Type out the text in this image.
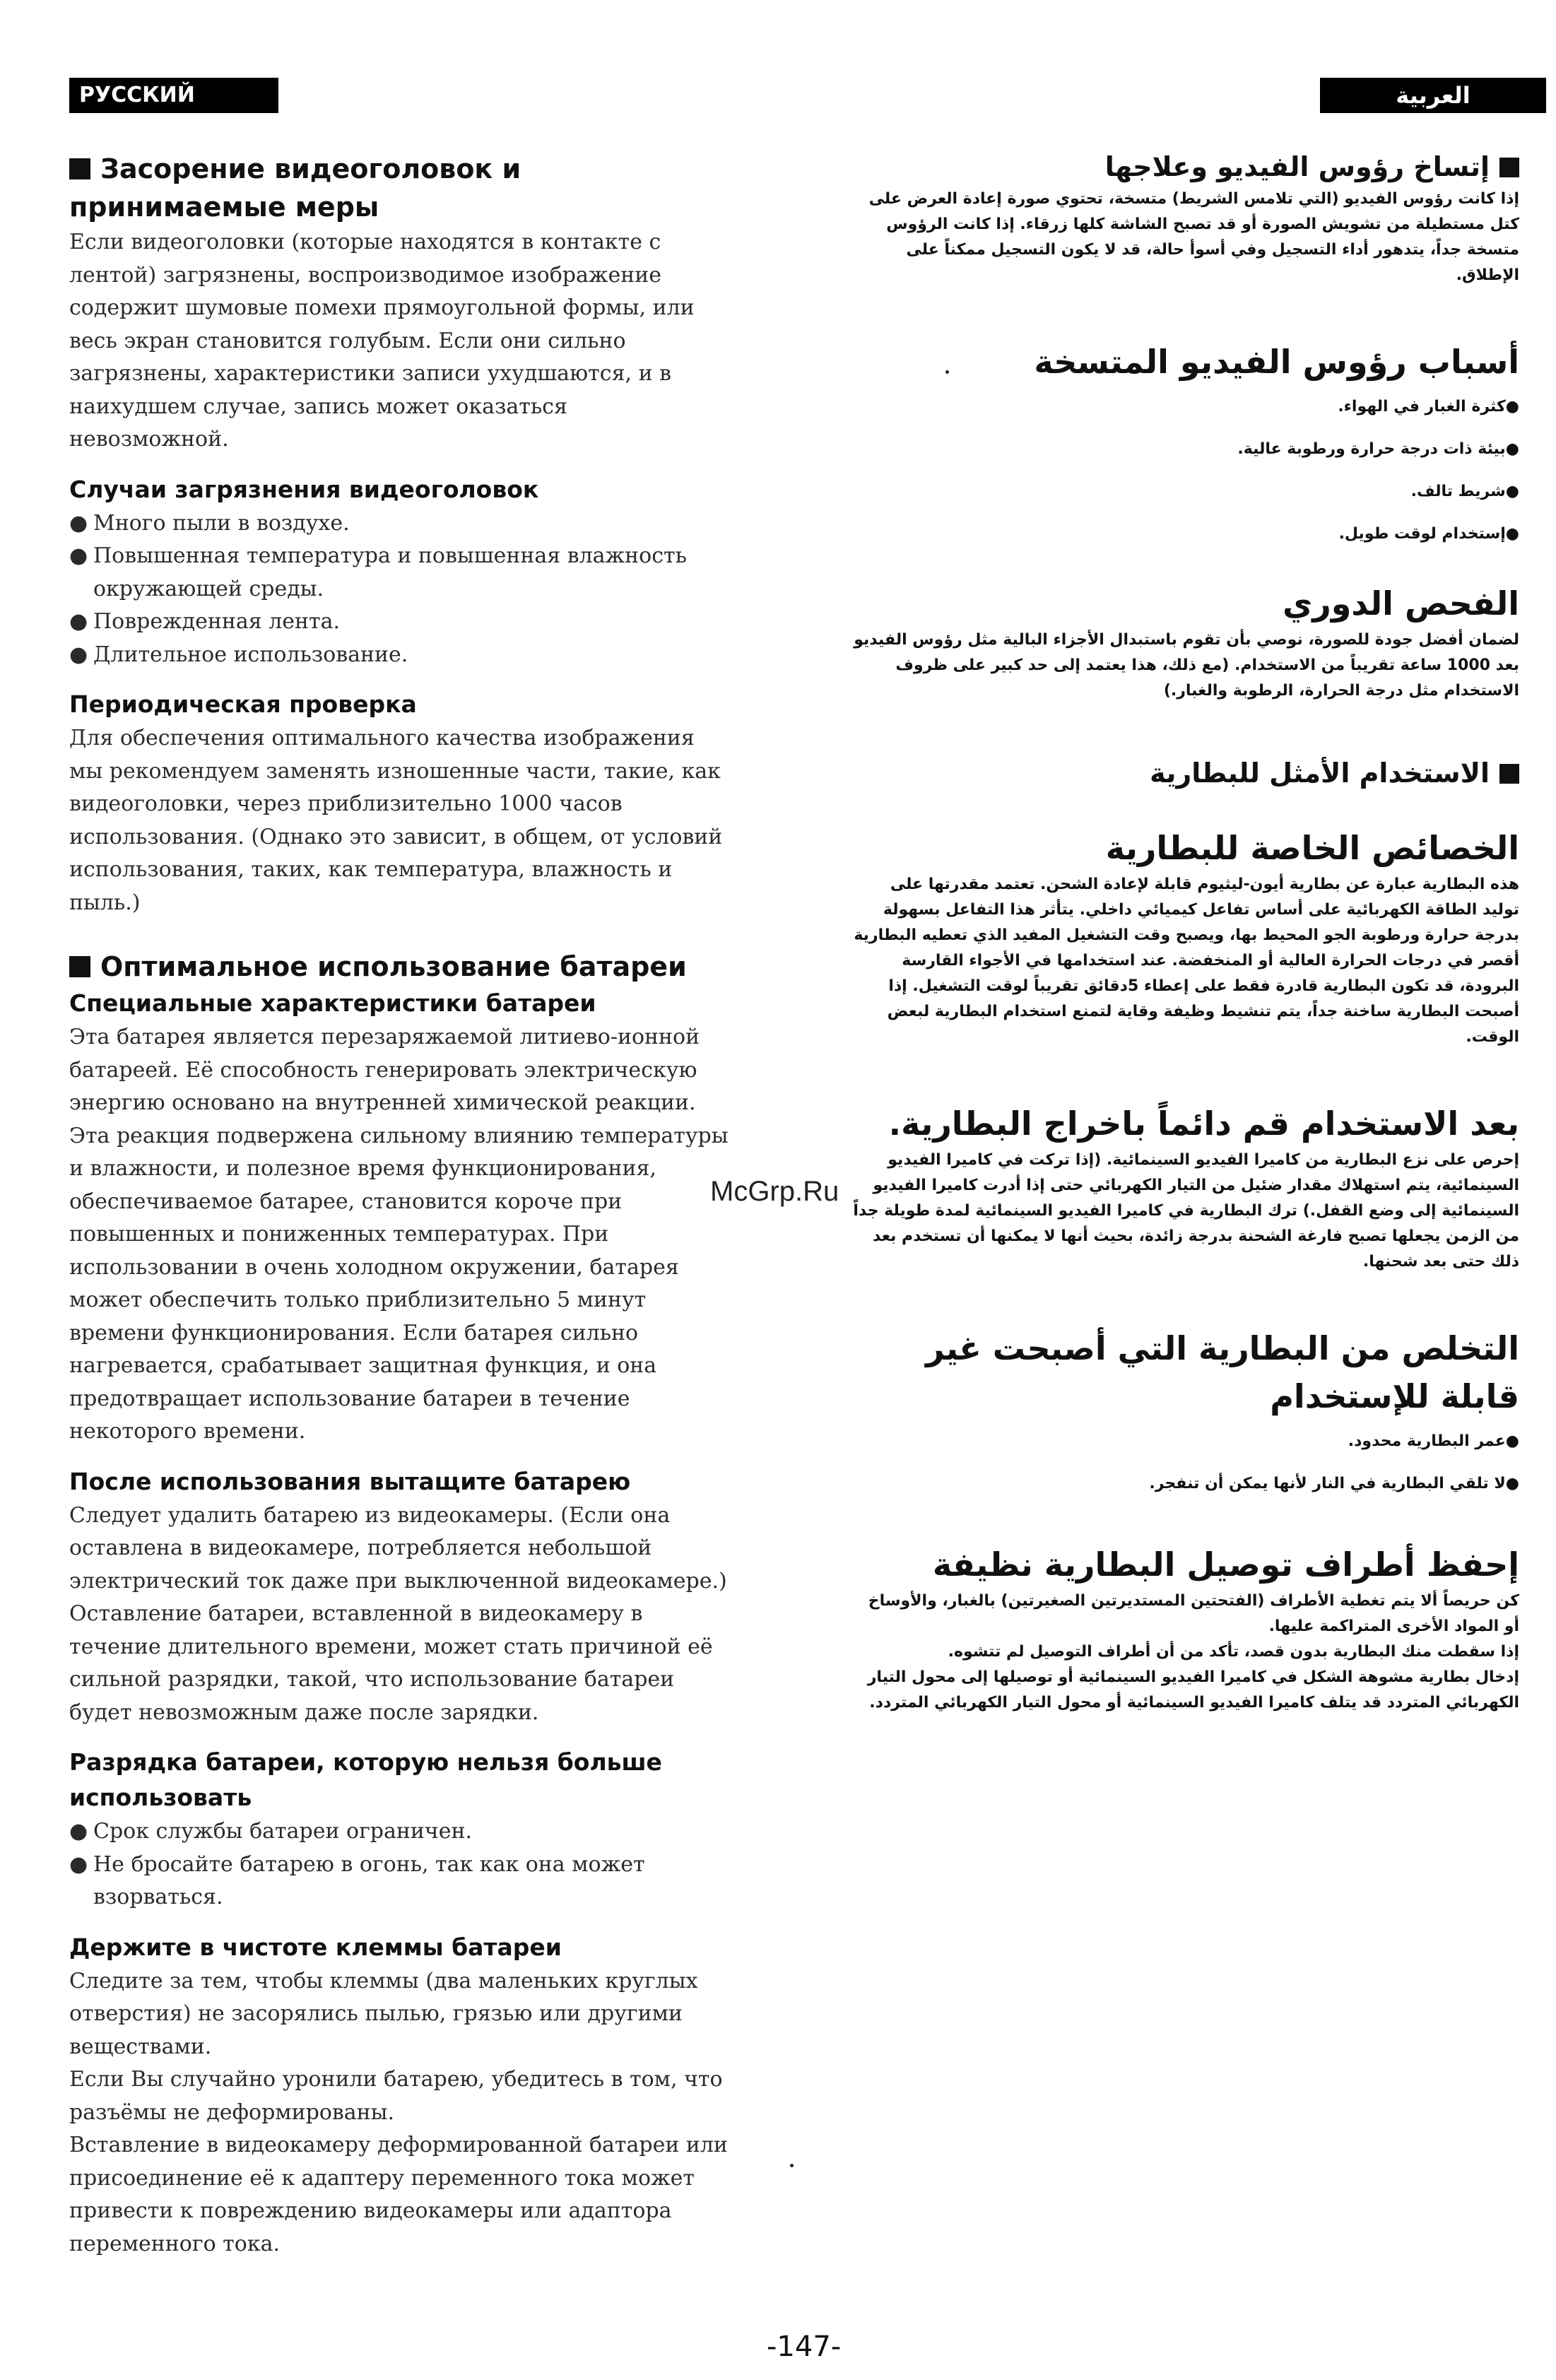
РУССКИЙ ЯЗЫК
العربية
Засорение видеоголовок и принимаемые меры

Если видеоголовки (которые находятся в контакте с лентой) загрязнены, воспроизводимое изображение содержит шумовые помехи прямоугольной формы, или весь экран становится голубым. Если они сильно загрязнены, характеристики записи ухудшаются, и в наихудшем случае, запись может оказаться невозможной.

Случаи загрязнения видеоголовок

● Много пыли в воздухе.

● Повышенная температура и повышенная влажность окружающей среды.

● Поврежденная лента.

● Длительное использование.

Периодическая проверка

Для обеспечения оптимального качества изображения мы рекомендуем заменять изношенные части, такие, как видеоголовки, через приблизительно 1000 часов использования. (Однако это зависит, в общем, от условий использования, таких, как температура, влажность и пыль.)

Оптимальное использование батареи
Специальные характеристики батареи

Эта батарея является перезаряжаемой литиево-ионной батареей. Её способность генерировать электрическую энергию основано на внутренней химической реакции. Эта реакция подвержена сильному влиянию температуры и влажности, и полезное время функционирования, обеспечиваемое батарее, становится короче при повышенных и пониженных температурах. При использовании в очень холодном окружении, батарея может обеспечить только приблизительно 5 минут времени функционирования. Если батарея сильно нагревается, срабатывает защитная функция, и она предотвращает использование батареи в течение некоторого времени.

После использования вытащите батарею

Следует удалить батарею из видеокамеры. (Если она оставлена в видеокамере, потребляется небольшой электрический ток даже при выключенной видеокамере.) Оставление батареи, вставленной в видеокамеру в течение длительного времени, может стать причиной её сильной разрядки, такой, что использование батареи будет невозможным даже после зарядки.

Разрядка батареи, которую нельзя больше использовать

● Срок службы батареи ограничен.

● Не бросайте батарею в огонь, так как она может взорваться.

Держите в чистоте клеммы батареи

Следите за тем, чтобы клеммы (два маленьких круглых отверстия) не засорялись пылью, грязью или другими веществами.

Если Вы случайно уронили батарею, убедитесь в том, что разъёмы не деформированы.

Вставление в видеокамеру деформированной батареи или присоединение её к адаптеру переменного тока может привести к повреждению видеокамеры или адаптора переменного тока.

إتساخ رؤوس الفيديو وعلاجها

إذا كانت رؤوس الفيديو (التي تلامس الشريط) متسخة، تحتوي صورة إعادة العرض على كتل مستطيلة من تشويش الصورة أو قد تصبح الشاشة كلها زرقاء. إذا كانت الرؤوس متسخة جداً، يتدهور أداء التسجيل وفي أسوأ حالة، قد لا يكون التسجيل ممكناً على الإطلاق.

أسباب رؤوس الفيديو المتسخة

●كثرة الغبار في الهواء.

●بيئة ذات درجة حرارة ورطوبة عالية.

●شريط تالف.

●إستخدام لوقت طويل.

الفحص الدوري

لضمان أفضل جودة للصورة، نوصي بأن تقوم باستبدال الأجزاء البالية مثل رؤوس الفيديو بعد 1000 ساعة تقريباً من الاستخدام. (مع ذلك، هذا يعتمد إلى حد كبير على ظروف الاستخدام مثل درجة الحرارة، الرطوبة والغبار.)

الاستخدام الأمثل للبطارية
الخصائص الخاصة للبطارية

هذه البطارية عبارة عن بطارية أيون-ليثيوم قابلة لإعادة الشحن. تعتمد مقدرتها على توليد الطاقة الكهربائية على أساس تفاعل كيميائي داخلي. يتأثر هذا التفاعل بسهولة بدرجة حرارة ورطوبة الجو المحيط بها، ويصبح وقت التشغيل المفيد الذي تعطيه البطارية أقصر في درجات الحرارة العالية أو المنخفضة. عند استخدامها في الأجواء القارسة البرودة، قد تكون البطارية قادرة فقط على إعطاء 5دقائق تقريباً لوقت التشغيل. إذا أصبحت البطارية ساخنة جداً، يتم تنشيط وظيفة وقاية لتمنع استخدام البطارية لبعض الوقت.

بعد الاستخدام قم دائماً باخراج البطارية.

إحرص على نزع البطارية من كاميرا الفيديو السينمائية. (إذا تركت في كاميرا الفيديو السينمائية، يتم استهلاك مقدار ضئيل من التيار الكهربائي حتى إذا أدرت كاميرا الفيديو السينمائية إلى وضع القفل.) ترك البطارية في كاميرا الفيديو السينمائية لمدة طويلة جداً من الزمن يجعلها تصبح فارغة الشحنة بدرجة زائدة، بحيث أنها لا يمكنها أن تستخدم بعد ذلك حتى بعد شحنها.

التخلص من البطارية التي أصبحت غير قابلة للإستخدام

●عمر البطارية محدود.

●لا تلقي البطارية في النار لأنها يمكن أن تنفجر.

إحفظ أطراف توصيل البطارية نظيفة

كن حريصاً ألا يتم تغطية الأطراف (الفتحتين المستديرتين الصغيرتين) بالغبار، والأوساخ أو المواد الأخرى المتراكمة عليها.

إذا سقطت منك البطارية بدون قصد، تأكد من أن أطراف التوصيل لم تتشوه.

إدخال بطارية مشوهة الشكل في كاميرا الفيديو السينمائية أو توصيلها إلى محول التيار الكهربائي المتردد قد يتلف كاميرا الفيديو السينمائية أو محول التيار الكهربائي المتردد.

McGrp.Ru
-147-
